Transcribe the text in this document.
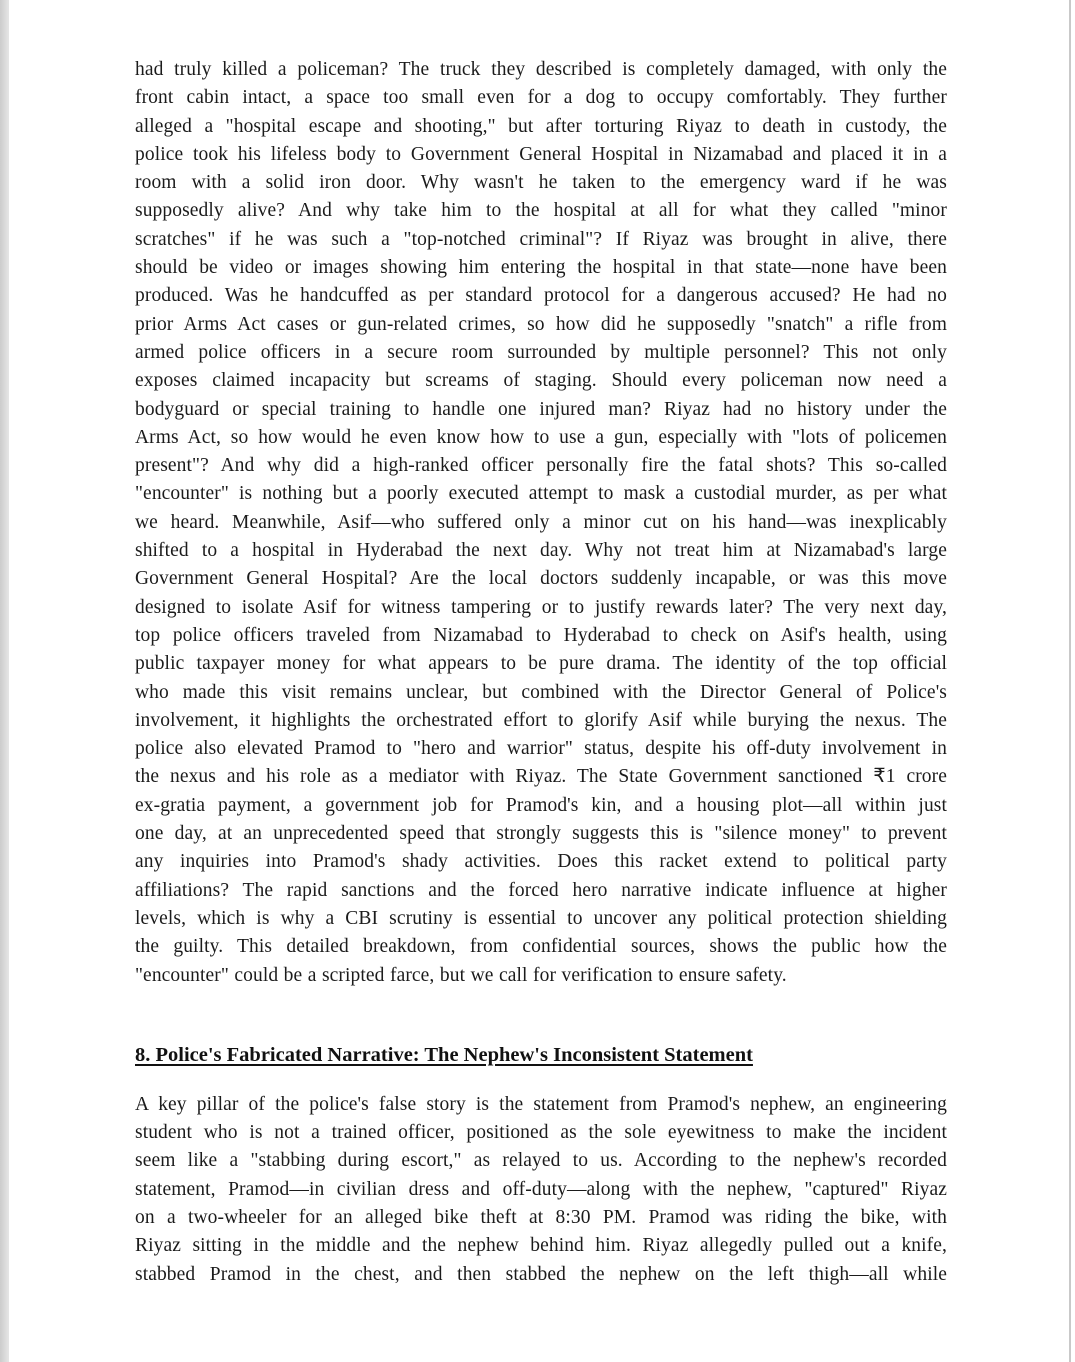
had truly killed a policeman? The truck they described is completely damaged, with only the
front cabin intact, a space too small even for a dog to occupy comfortably. They further
alleged a "hospital escape and shooting," but after torturing Riyaz to death in custody, the
police took his lifeless body to Government General Hospital in Nizamabad and placed it in a
room with a solid iron door. Why wasn't he taken to the emergency ward if he was
supposedly alive? And why take him to the hospital at all for what they called "minor
scratches" if he was such a "top-notched criminal"? If Riyaz was brought in alive, there
should be video or images showing him entering the hospital in that state—none have been
produced. Was he handcuffed as per standard protocol for a dangerous accused? He had no
prior Arms Act cases or gun-related crimes, so how did he supposedly "snatch" a rifle from
armed police officers in a secure room surrounded by multiple personnel? This not only
exposes claimed incapacity but screams of staging. Should every policeman now need a
bodyguard or special training to handle one injured man? Riyaz had no history under the
Arms Act, so how would he even know how to use a gun, especially with "lots of policemen
present"? And why did a high-ranked officer personally fire the fatal shots? This so-called
"encounter" is nothing but a poorly executed attempt to mask a custodial murder, as per what
we heard. Meanwhile, Asif—who suffered only a minor cut on his hand—was inexplicably
shifted to a hospital in Hyderabad the next day. Why not treat him at Nizamabad's large
Government General Hospital? Are the local doctors suddenly incapable, or was this move
designed to isolate Asif for witness tampering or to justify rewards later? The very next day,
top police officers traveled from Nizamabad to Hyderabad to check on Asif's health, using
public taxpayer money for what appears to be pure drama. The identity of the top official
who made this visit remains unclear, but combined with the Director General of Police's
involvement, it highlights the orchestrated effort to glorify Asif while burying the nexus. The
police also elevated Pramod to "hero and warrior" status, despite his off-duty involvement in
the nexus and his role as a mediator with Riyaz. The State Government sanctioned ₹1 crore
ex-gratia payment, a government job for Pramod's kin, and a housing plot—all within just
one day, at an unprecedented speed that strongly suggests this is "silence money" to prevent
any inquiries into Pramod's shady activities. Does this racket extend to political party
affiliations? The rapid sanctions and the forced hero narrative indicate influence at higher
levels, which is why a CBI scrutiny is essential to uncover any political protection shielding
the guilty. This detailed breakdown, from confidential sources, shows the public how the
"encounter" could be a scripted farce, but we call for verification to ensure safety.
8. Police's Fabricated Narrative: The Nephew's Inconsistent Statement
A key pillar of the police's false story is the statement from Pramod's nephew, an engineering
student who is not a trained officer, positioned as the sole eyewitness to make the incident
seem like a "stabbing during escort," as relayed to us. According to the nephew's recorded
statement, Pramod—in civilian dress and off-duty—along with the nephew, "captured" Riyaz
on a two-wheeler for an alleged bike theft at 8:30 PM. Pramod was riding the bike, with
Riyaz sitting in the middle and the nephew behind him. Riyaz allegedly pulled out a knife,
stabbed Pramod in the chest, and then stabbed the nephew on the left thigh—all while
